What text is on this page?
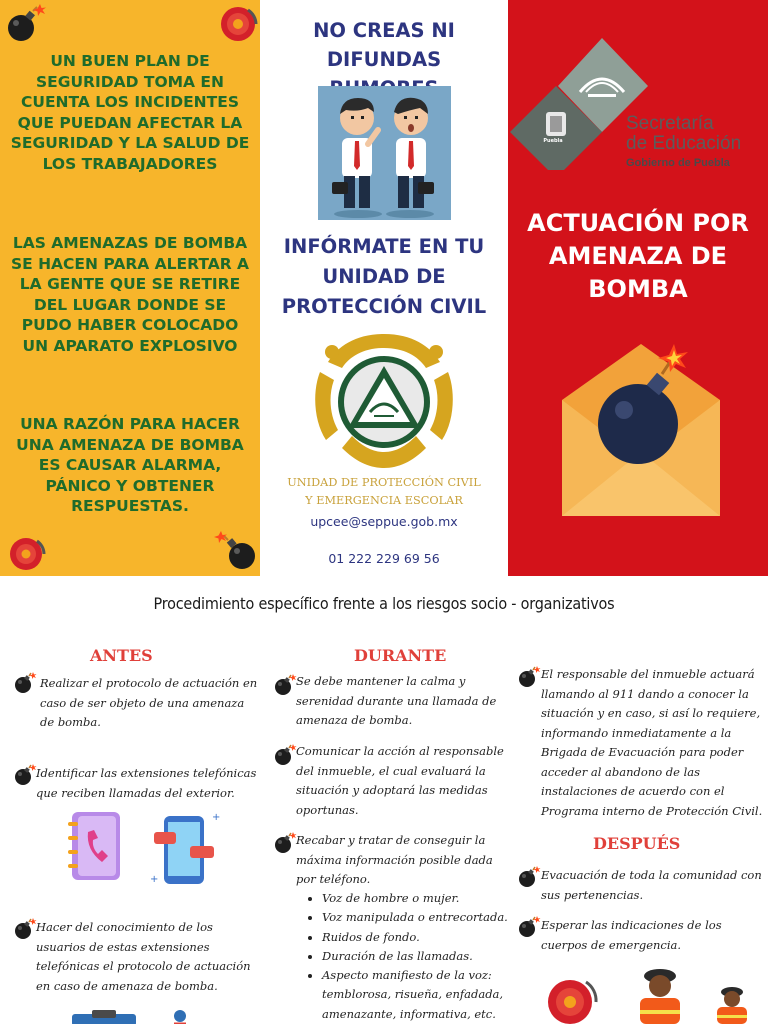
UN BUEN PLAN DE SEGURIDAD TOMA EN CUENTA LOS INCIDENTES QUE PUEDAN AFECTAR LA SEGURIDAD Y LA SALUD DE LOS TRABAJADORES
LAS AMENAZAS DE BOMBA SE HACEN PARA ALERTAR A LA GENTE QUE SE RETIRE DEL LUGAR DONDE SE PUDO HABER COLOCADO UN APARATO EXPLOSIVO
UNA RAZÓN PARA HACER UNA AMENAZA DE BOMBA ES CAUSAR ALARMA, PÁNICO Y OBTENER RESPUESTAS.
NO CREAS NI DIFUNDAS
INFÓRMATE EN TU UNIDAD DE PROTECCIÓN CIVIL
UNIDAD DE PROTECCIÓN CIVIL
Y EMERGENCIA ESCOLAR
upcee@seppue.gob.mx
01 222 229 69 56
Puebla
Secretaría
de Educación
Gobierno de Puebla
ACTUACIÓN POR AMENAZA DE BOMBA
Procedimiento específico frente a los riesgos socio - organizativos
ANTES
Realizar el protocolo de actuación en caso de ser objeto de una amenaza de bomba.
Identificar las extensiones telefónicas que reciben llamadas del exterior.
+
+
Hacer del conocimiento de los usuarios de estas extensiones telefónicas el protocolo de actuación en caso de amenaza de bomba.
DURANTE
Se debe mantener la calma y serenidad durante una llamada de amenaza de bomba.
Comunicar la acción al responsable del inmueble, el cual evaluará la situación y adoptará las medidas oportunas.
Recabar y tratar de conseguir la máxima información posible dada por teléfono.
• Voz de hombre o mujer.
• Voz manipulada o entrecortada.
• Ruidos de fondo.
• Duración de las llamadas.
• Aspecto manifiesto de la voz: temblorosa, risueña, enfadada, amenazante, informativa, etc.
El responsable del inmueble actuará llamando al 911 dando a conocer la situación y en caso, si así lo requiere, informando inmediatamente a la Brigada de Evacuación para poder acceder al abandono de las instalaciones de acuerdo con el Programa interno de Protección Civil.
DESPUÉS
Evacuación de toda la comunidad con sus pertenencias.
Esperar las indicaciones de los cuerpos de emergencia.
